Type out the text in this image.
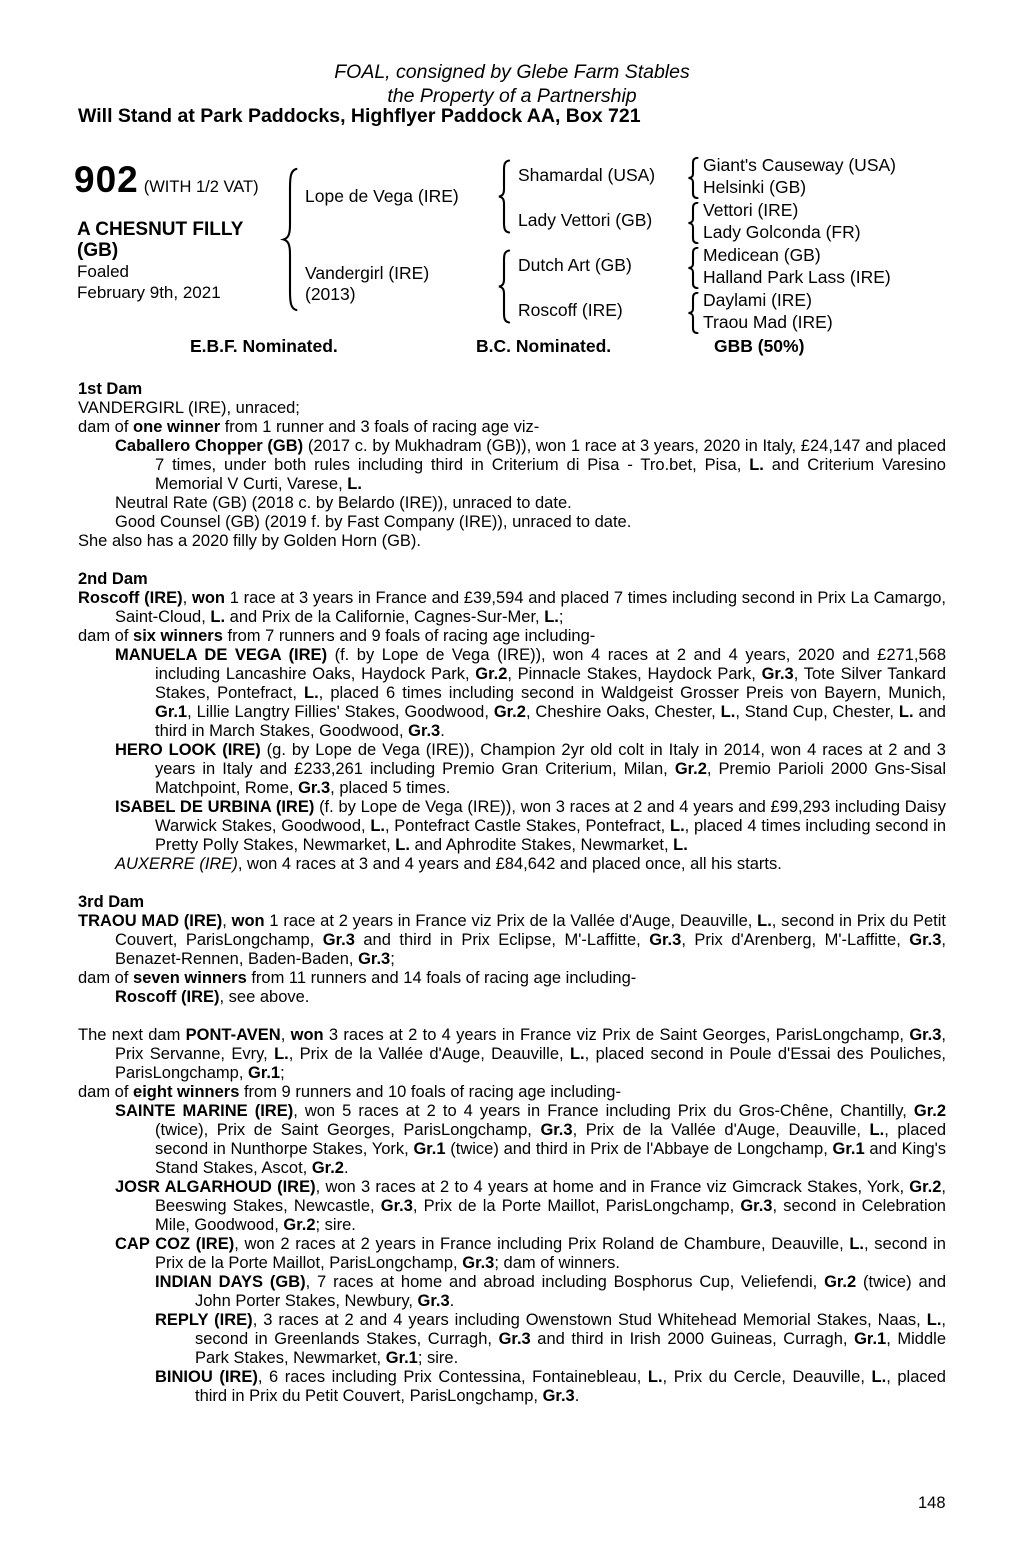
FOAL, consigned by Glebe Farm Stables
the Property of a Partnership
Will Stand at Park Paddocks, Highflyer Paddock AA, Box 721
902 (WITH 1/2 VAT)
A CHESNUT FILLY (GB)
Foaled
February 9th, 2021
Lope de Vega (IRE)
Vandergirl (IRE)
(2013)
Shamardal (USA)
Lady Vettori (GB)
Dutch Art (GB)
Roscoff (IRE)
Giant's Causeway (USA)
Helsinki (GB)
Vettori (IRE)
Lady Golconda (FR)
Medicean (GB)
Halland Park Lass (IRE)
Daylami (IRE)
Traou Mad (IRE)
E.B.F. Nominated.	B.C. Nominated.	GBB (50%)
1st Dam
VANDERGIRL (IRE), unraced;
dam of one winner from 1 runner and 3 foals of racing age viz-
Caballero Chopper (GB) (2017 c. by Mukhadram (GB)), won 1 race at 3 years, 2020 in Italy, £24,147 and placed 7 times, under both rules including third in Criterium di Pisa - Tro.bet, Pisa, L. and Criterium Varesino Memorial V Curti, Varese, L.
Neutral Rate (GB) (2018 c. by Belardo (IRE)), unraced to date.
Good Counsel (GB) (2019 f. by Fast Company (IRE)), unraced to date.
She also has a 2020 filly by Golden Horn (GB).
2nd Dam
Roscoff (IRE), won 1 race at 3 years in France and £39,594 and placed 7 times including second in Prix La Camargo, Saint-Cloud, L. and Prix de la Californie, Cagnes-Sur-Mer, L.;
dam of six winners from 7 runners and 9 foals of racing age including-
MANUELA DE VEGA (IRE) (f. by Lope de Vega (IRE)), won 4 races at 2 and 4 years, 2020 and £271,568 including Lancashire Oaks, Haydock Park, Gr.2, Pinnacle Stakes, Haydock Park, Gr.3, Tote Silver Tankard Stakes, Pontefract, L., placed 6 times including second in Waldgeist Grosser Preis von Bayern, Munich, Gr.1, Lillie Langtry Fillies' Stakes, Goodwood, Gr.2, Cheshire Oaks, Chester, L., Stand Cup, Chester, L. and third in March Stakes, Goodwood, Gr.3.
HERO LOOK (IRE) (g. by Lope de Vega (IRE)), Champion 2yr old colt in Italy in 2014, won 4 races at 2 and 3 years in Italy and £233,261 including Premio Gran Criterium, Milan, Gr.2, Premio Parioli 2000 Gns-Sisal Matchpoint, Rome, Gr.3, placed 5 times.
ISABEL DE URBINA (IRE) (f. by Lope de Vega (IRE)), won 3 races at 2 and 4 years and £99,293 including Daisy Warwick Stakes, Goodwood, L., Pontefract Castle Stakes, Pontefract, L., placed 4 times including second in Pretty Polly Stakes, Newmarket, L. and Aphrodite Stakes, Newmarket, L.
AUXERRE (IRE), won 4 races at 3 and 4 years and £84,642 and placed once, all his starts.
3rd Dam
TRAOU MAD (IRE), won 1 race at 2 years in France viz Prix de la Vallée d'Auge, Deauville, L., second in Prix du Petit Couvert, ParisLongchamp, Gr.3 and third in Prix Eclipse, M'-Laffitte, Gr.3, Prix d'Arenberg, M'-Laffitte, Gr.3, Benazet-Rennen, Baden-Baden, Gr.3;
dam of seven winners from 11 runners and 14 foals of racing age including-
Roscoff (IRE), see above.
The next dam PONT-AVEN, won 3 races at 2 to 4 years in France viz Prix de Saint Georges, ParisLongchamp, Gr.3, Prix Servanne, Evry, L., Prix de la Vallée d'Auge, Deauville, L., placed second in Poule d'Essai des Pouliches, ParisLongchamp, Gr.1;
dam of eight winners from 9 runners and 10 foals of racing age including-
SAINTE MARINE (IRE), won 5 races at 2 to 4 years in France including Prix du Gros-Chêne, Chantilly, Gr.2 (twice), Prix de Saint Georges, ParisLongchamp, Gr.3, Prix de la Vallée d'Auge, Deauville, L., placed second in Nunthorpe Stakes, York, Gr.1 (twice) and third in Prix de l'Abbaye de Longchamp, Gr.1 and King's Stand Stakes, Ascot, Gr.2.
JOSR ALGARHOUD (IRE), won 3 races at 2 to 4 years at home and in France viz Gimcrack Stakes, York, Gr.2, Beeswing Stakes, Newcastle, Gr.3, Prix de la Porte Maillot, ParisLongchamp, Gr.3, second in Celebration Mile, Goodwood, Gr.2; sire.
CAP COZ (IRE), won 2 races at 2 years in France including Prix Roland de Chambure, Deauville, L., second in Prix de la Porte Maillot, ParisLongchamp, Gr.3; dam of winners.
INDIAN DAYS (GB), 7 races at home and abroad including Bosphorus Cup, Veliefendi, Gr.2 (twice) and John Porter Stakes, Newbury, Gr.3.
REPLY (IRE), 3 races at 2 and 4 years including Owenstown Stud Whitehead Memorial Stakes, Naas, L., second in Greenlands Stakes, Curragh, Gr.3 and third in Irish 2000 Guineas, Curragh, Gr.1, Middle Park Stakes, Newmarket, Gr.1; sire.
BINIOU (IRE), 6 races including Prix Contessina, Fontainebleau, L., Prix du Cercle, Deauville, L., placed third in Prix du Petit Couvert, ParisLongchamp, Gr.3.
148
